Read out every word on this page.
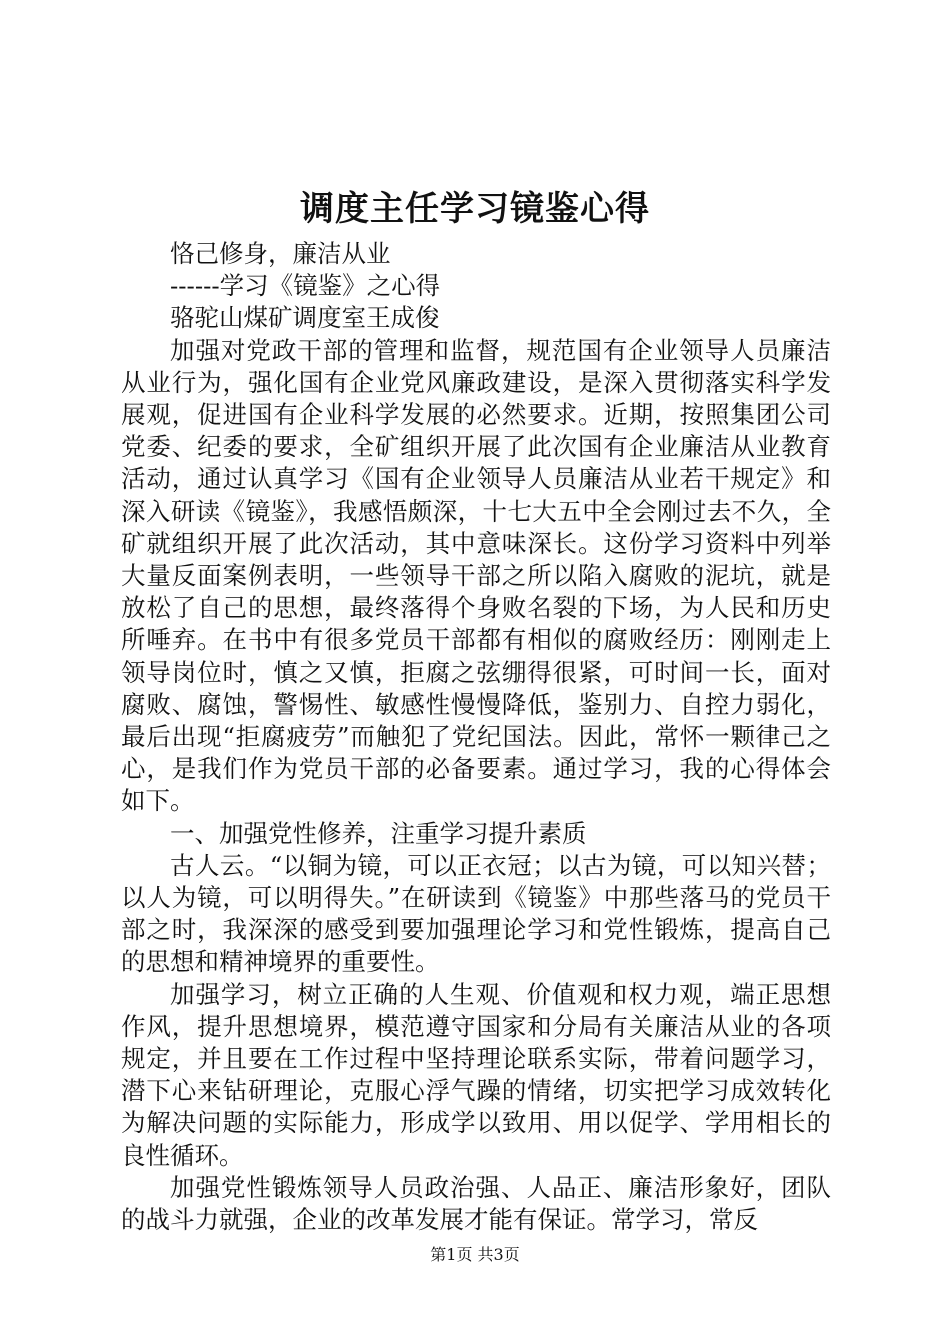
调度主任学习镜鉴心得

恪己修身，廉洁从业

------学习《镜鉴》之心得

骆驼山煤矿调度室王成俊

加强对党政干部的管理和监督，规范国有企业领导人员廉洁从业行为，强化国有企业党风廉政建设，是深入贯彻落实科学发展观，促进国有企业科学发展的必然要求。近期，按照集团公司党委、纪委的要求，全矿组织开展了此次国有企业廉洁从业教育活动，通过认真学习《国有企业领导人员廉洁从业若干规定》和深入研读《镜鉴》，我感悟颇深，十七大五中全会刚过去不久，全矿就组织开展了此次活动，其中意味深长。这份学习资料中列举大量反面案例表明，一些领导干部之所以陷入腐败的泥坑，就是放松了自己的思想，最终落得个身败名裂的下场，为人民和历史所唾弃。在书中有很多党员干部都有相似的腐败经历：刚刚走上领导岗位时，慎之又慎，拒腐之弦绷得很紧，可时间一长，面对腐败、腐蚀，警惕性、敏感性慢慢降低，鉴别力、自控力弱化，最后出现“拒腐疲劳”而触犯了党纪国法。因此，常怀一颗律己之心，是我们作为党员干部的必备要素。通过学习，我的心得体会如下。

一、加强党性修养，注重学习提升素质

古人云。“以铜为镜，可以正衣冠；以古为镜，可以知兴替；以人为镜，可以明得失。”在研读到《镜鉴》中那些落马的党员干部之时，我深深的感受到要加强理论学习和党性锻炼，提高自己的思想和精神境界的重要性。

加强学习，树立正确的人生观、价值观和权力观，端正思想作风，提升思想境界，模范遵守国家和分局有关廉洁从业的各项规定，并且要在工作过程中坚持理论联系实际，带着问题学习，潜下心来钻研理论，克服心浮气躁的情绪，切实把学习成效转化为解决问题的实际能力，形成学以致用、用以促学、学用相长的良性循环。

加强党性锻炼领导人员政治强、人品正、廉洁形象好，团队的战斗力就强，企业的改革发展才能有保证。常学习，常反

第1页 共3页
